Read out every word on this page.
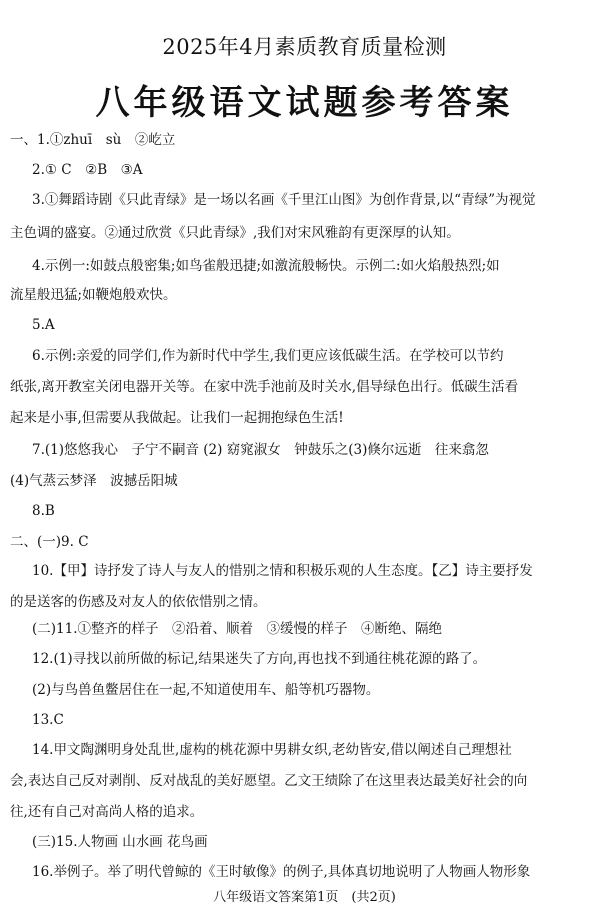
2025年4月素质教育质量检测
八年级语文试题参考答案
一、1.①zhuī　sù　②屹立
2.① C　②B　③A
3.①舞蹈诗剧《只此青绿》是一场以名画《千里江山图》为创作背景,以“青绿”为视觉
主色调的盛宴。②通过欣赏《只此青绿》,我们对宋风雅韵有更深厚的认知。
4.示例一:如鼓点般密集;如鸟雀般迅捷;如激流般畅快。示例二:如火焰般热烈;如
流星般迅猛;如鞭炮般欢快。
5.A
6.示例:亲爱的同学们,作为新时代中学生,我们更应该低碳生活。在学校可以节约
纸张,离开教室关闭电器开关等。在家中洗手池前及时关水,倡导绿色出行。低碳生活看
起来是小事,但需要从我做起。让我们一起拥抱绿色生活!
7.(1)悠悠我心　子宁不嗣音 (2) 窈窕淑女　钟鼓乐之(3)倏尔远逝　往来翕忽
(4)气蒸云梦泽　波撼岳阳城
8.B
二、(一)9. C
10.【甲】诗抒发了诗人与友人的惜别之情和积极乐观的人生态度。【乙】诗主要抒发
的是送客的伤感及对友人的依依惜别之情。
(二)11.①整齐的样子　②沿着、顺着　③缓慢的样子　④断绝、隔绝
12.(1)寻找以前所做的标记,结果迷失了方向,再也找不到通往桃花源的路了。
(2)与鸟兽鱼鳖居住在一起,不知道使用车、船等机巧器物。
13.C
14.甲文陶渊明身处乱世,虚构的桃花源中男耕女织,老幼皆安,借以阐述自己理想社
会,表达自己反对剥削、反对战乱的美好愿望。乙文王绩除了在这里表达最美好社会的向
往,还有自己对高尚人格的追求。
(三)15.人物画 山水画 花鸟画
16.举例子。举了明代曾鲸的《王时敏像》的例子,具体真切地说明了人物画人物形象
八年级语文答案第1页　(共2页)
